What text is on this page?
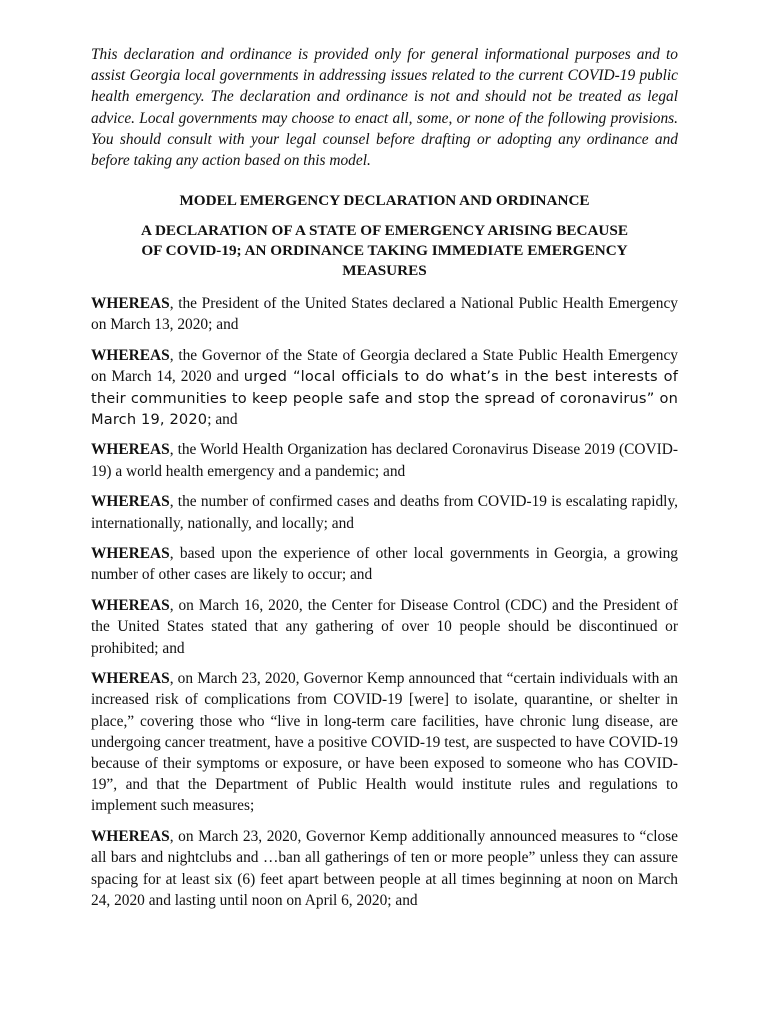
This declaration and ordinance is provided only for general informational purposes and to assist Georgia local governments in addressing issues related to the current COVID-19 public health emergency. The declaration and ordinance is not and should not be treated as legal advice. Local governments may choose to enact all, some, or none of the following provisions. You should consult with your legal counsel before drafting or adopting any ordinance and before taking any action based on this model.

MODEL EMERGENCY DECLARATION AND ORDINANCE
A DECLARATION OF A STATE OF EMERGENCY ARISING BECAUSE OF COVID-19; AN ORDINANCE TAKING IMMEDIATE EMERGENCY MEASURES

WHEREAS, the President of the United States declared a National Public Health Emergency on March 13, 2020; and

WHEREAS, the Governor of the State of Georgia declared a State Public Health Emergency on March 14, 2020 and urged “local officials to do what’s in the best interests of their communities to keep people safe and stop the spread of coronavirus” on March 19, 2020; and

WHEREAS, the World Health Organization has declared Coronavirus Disease 2019 (COVID-19) a world health emergency and a pandemic; and

WHEREAS, the number of confirmed cases and deaths from COVID-19 is escalating rapidly, internationally, nationally, and locally; and

WHEREAS, based upon the experience of other local governments in Georgia, a growing number of other cases are likely to occur; and

WHEREAS, on March 16, 2020, the Center for Disease Control (CDC) and the President of the United States stated that any gathering of over 10 people should be discontinued or prohibited; and

WHEREAS, on March 23, 2020, Governor Kemp announced that “certain individuals with an increased risk of complications from COVID-19 [were] to isolate, quarantine, or shelter in place,” covering those who “live in long-term care facilities, have chronic lung disease, are undergoing cancer treatment, have a positive COVID-19 test, are suspected to have COVID-19 because of their symptoms or exposure, or have been exposed to someone who has COVID-19”, and that the Department of Public Health would institute rules and regulations to implement such measures;

WHEREAS, on March 23, 2020, Governor Kemp additionally announced measures to “close all bars and nightclubs and …ban all gatherings of ten or more people” unless they can assure spacing for at least six (6) feet apart between people at all times beginning at noon on March 24, 2020 and lasting until noon on April 6, 2020; and
